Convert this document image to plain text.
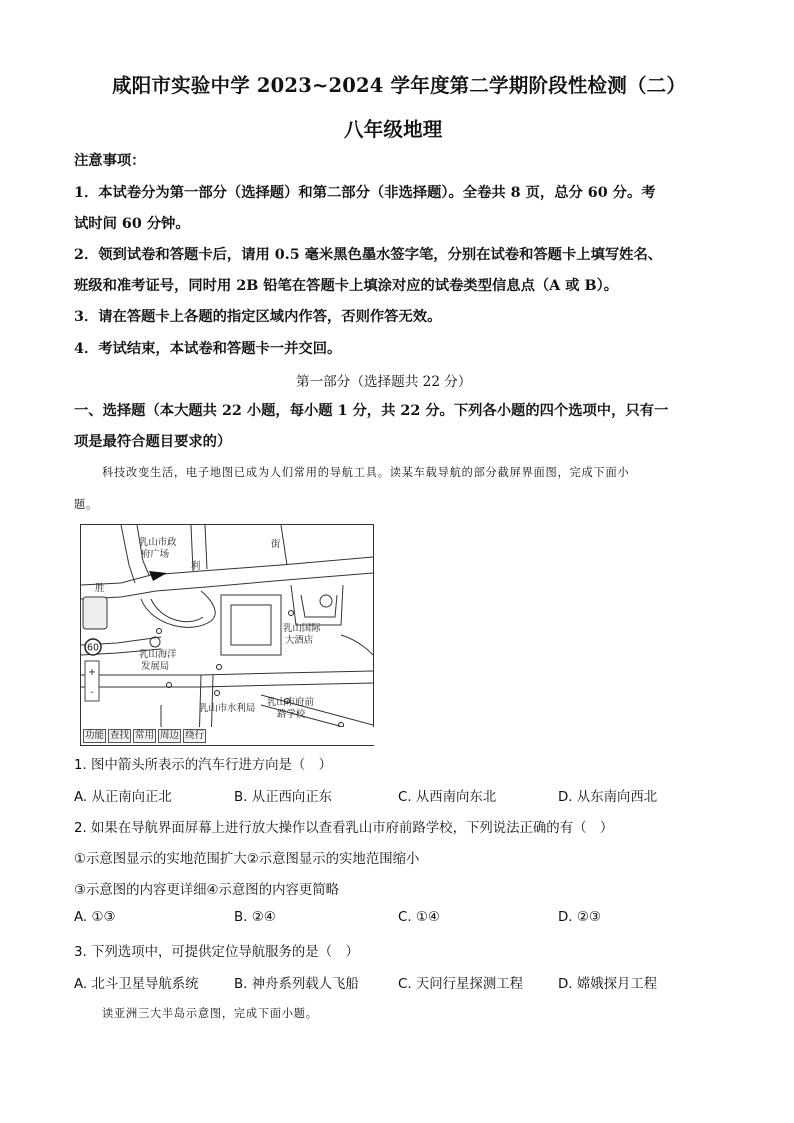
咸阳市实验中学 2023~2024 学年度第二学期阶段性检测（二）
八年级地理
注意事项：
1．本试卷分为第一部分（选择题）和第二部分（非选择题）。全卷共 8 页，总分 60 分。考
试时间 60 分钟。
2．领到试卷和答题卡后，请用 0.5 毫米黑色墨水签字笔，分别在试卷和答题卡上填写姓名、
班级和准考证号，同时用 2B 铅笔在答题卡上填涂对应的试卷类型信息点（A 或 B）。
3．请在答题卡上各题的指定区域内作答，否则作答无效。
4．考试结束，本试卷和答题卡一并交回。
第一部分（选择题共 22 分）
一、选择题（本大题共 22 小题，每小题 1 分，共 22 分。下列各小题的四个选项中，只有一
项是最符合题目要求的）
科技改变生活，电子地图已成为人们常用的导航工具。读某车载导航的部分截屏界面图，完成下面小
题。
60
+
-
乳山市政
府广场
街
利
胜
乳山国际
大酒店
乳山海洋
发展局
乳山市水利局
乳山市府前
路学校
功能 查找 常用 周边 绕行
1. 图中箭头所表示的汽车行进方向是（　）
A. 从正南向正北	B. 从正西向正东	C. 从西南向东北	D. 从东南向西北
2. 如果在导航界面屏幕上进行放大操作以查看乳山市府前路学校，下列说法正确的有（　）
①示意图显示的实地范围扩大②示意图显示的实地范围缩小
③示意图的内容更详细④示意图的内容更简略
A. ①③	B. ②④	C. ①④	D. ②③
3. 下列选项中，可提供定位导航服务的是（　）
A. 北斗卫星导航系统	B. 神舟系列载人飞船	C. 天问行星探测工程	D. 嫦娥探月工程
读亚洲三大半岛示意图，完成下面小题。
